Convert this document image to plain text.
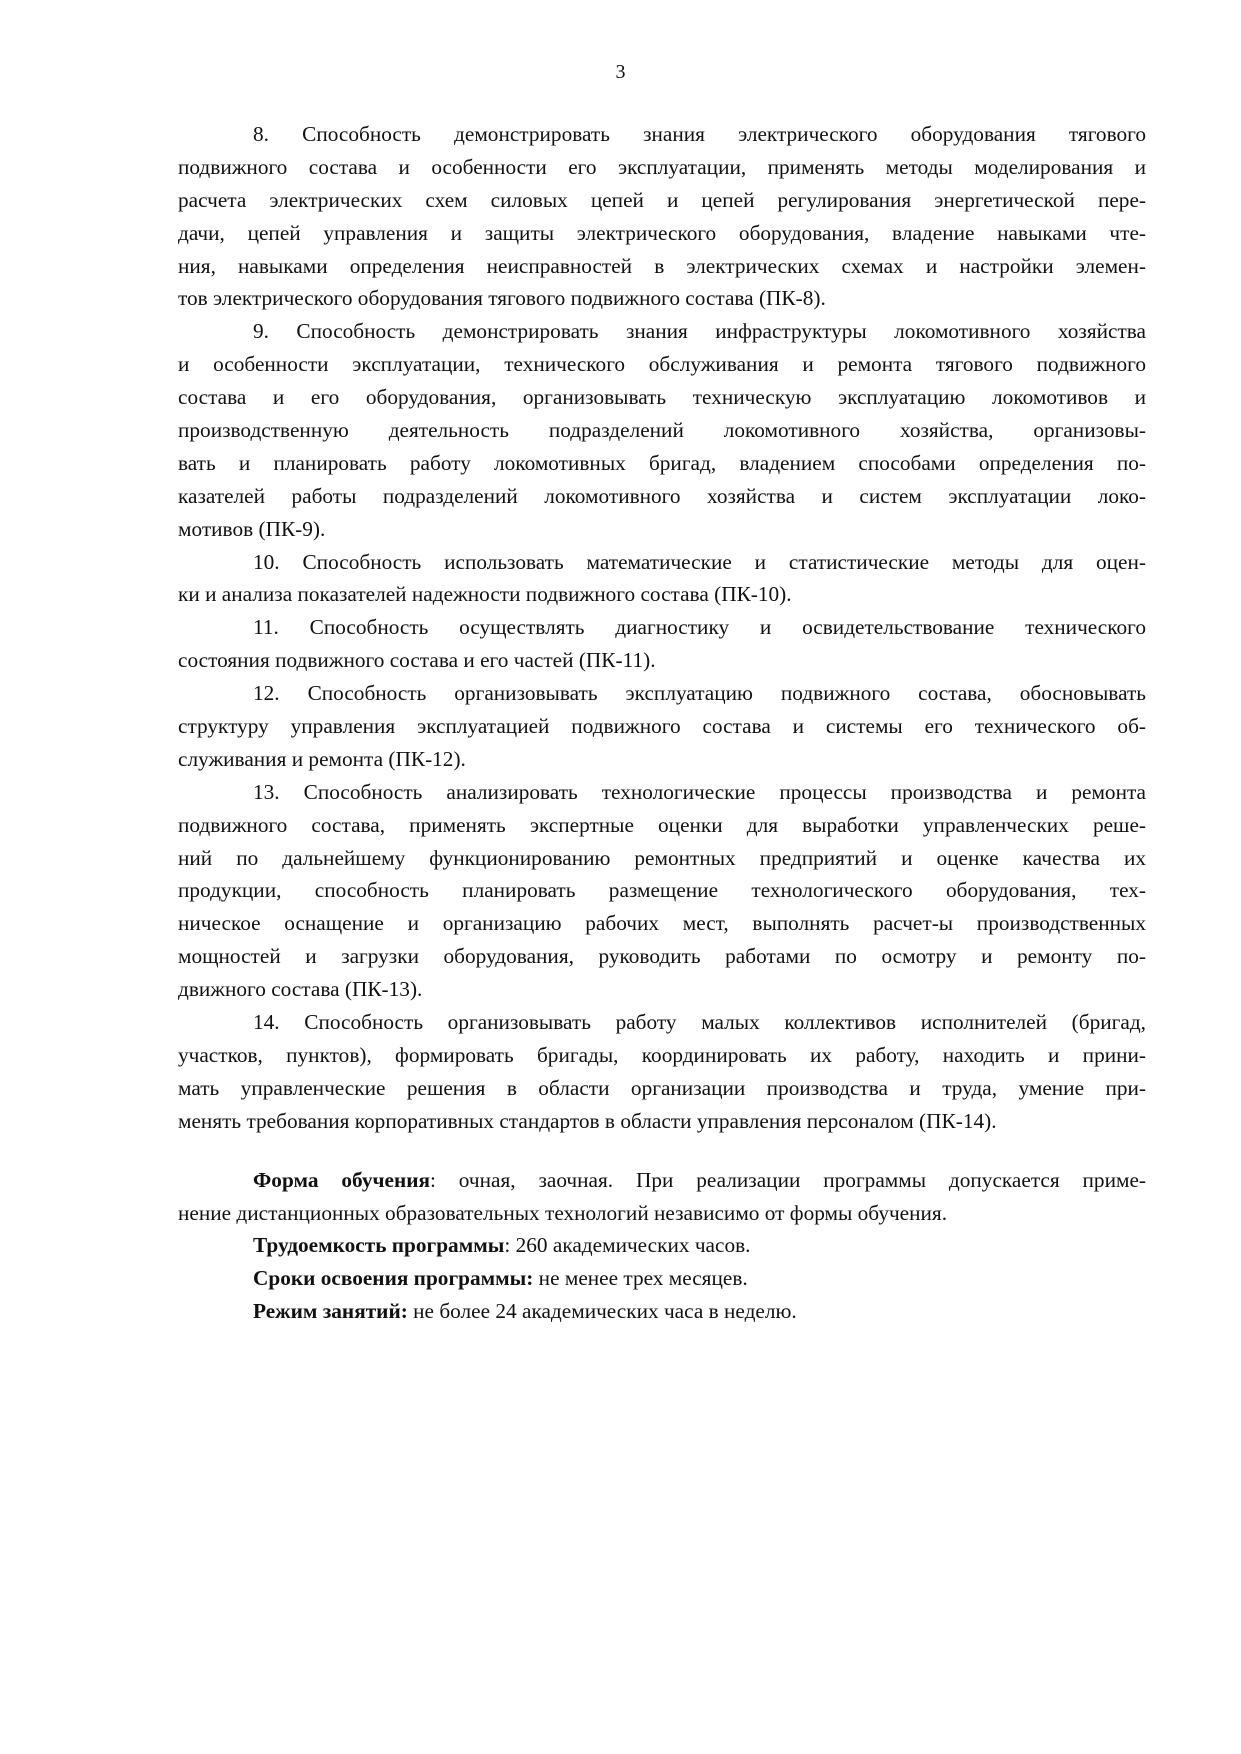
3
8. Способность демонстрировать знания электрического оборудования тягового
подвижного состава и особенности его эксплуатации, применять методы моделирования и
расчета электрических схем силовых цепей и цепей регулирования энергетической пере-
дачи, цепей управления и защиты электрического оборудования, владение навыками чте-
ния, навыками определения неисправностей в электрических схемах и настройки элемен-
тов электрического оборудования тягового подвижного состава (ПК-8).
9. Способность демонстрировать знания инфраструктуры локомотивного хозяйства
и особенности эксплуатации, технического обслуживания и ремонта тягового подвижного
состава и его оборудования, организовывать техническую эксплуатацию локомотивов и
производственную деятельность подразделений локомотивного хозяйства, организовы-
вать и планировать работу локомотивных бригад, владением способами определения по-
казателей работы подразделений локомотивного хозяйства и систем эксплуатации локо-
мотивов (ПК-9).
10. Способность использовать математические и статистические методы для оцен-
ки и анализа показателей надежности подвижного состава (ПК-10).
11. Способность осуществлять диагностику и освидетельствование технического
состояния подвижного состава и его частей (ПК-11).
12. Способность организовывать эксплуатацию подвижного состава, обосновывать
структуру управления эксплуатацией подвижного состава и системы его технического об-
служивания и ремонта (ПК-12).
13. Способность анализировать технологические процессы производства и ремонта
подвижного состава, применять экспертные оценки для выработки управленческих реше-
ний по дальнейшему функционированию ремонтных предприятий и оценке качества их
продукции, способность планировать размещение технологического оборудования, тех-
ническое оснащение и организацию рабочих мест, выполнять расчет-ы производственных
мощностей и загрузки оборудования, руководить работами по осмотру и ремонту по-
движного состава (ПК-13).
14. Способность организовывать работу малых коллективов исполнителей (бригад,
участков, пунктов), формировать бригады, координировать их работу, находить и прини-
мать управленческие решения в области организации производства и труда, умение при-
менять требования корпоративных стандартов в области управления персоналом (ПК-14).
Форма обучения: очная, заочная. При реализации программы допускается приме-
нение дистанционных образовательных технологий независимо от формы обучения.
Трудоемкость программы: 260 академических часов.
Сроки освоения программы: не менее трех месяцев.
Режим занятий: не более 24 академических часа в неделю.
